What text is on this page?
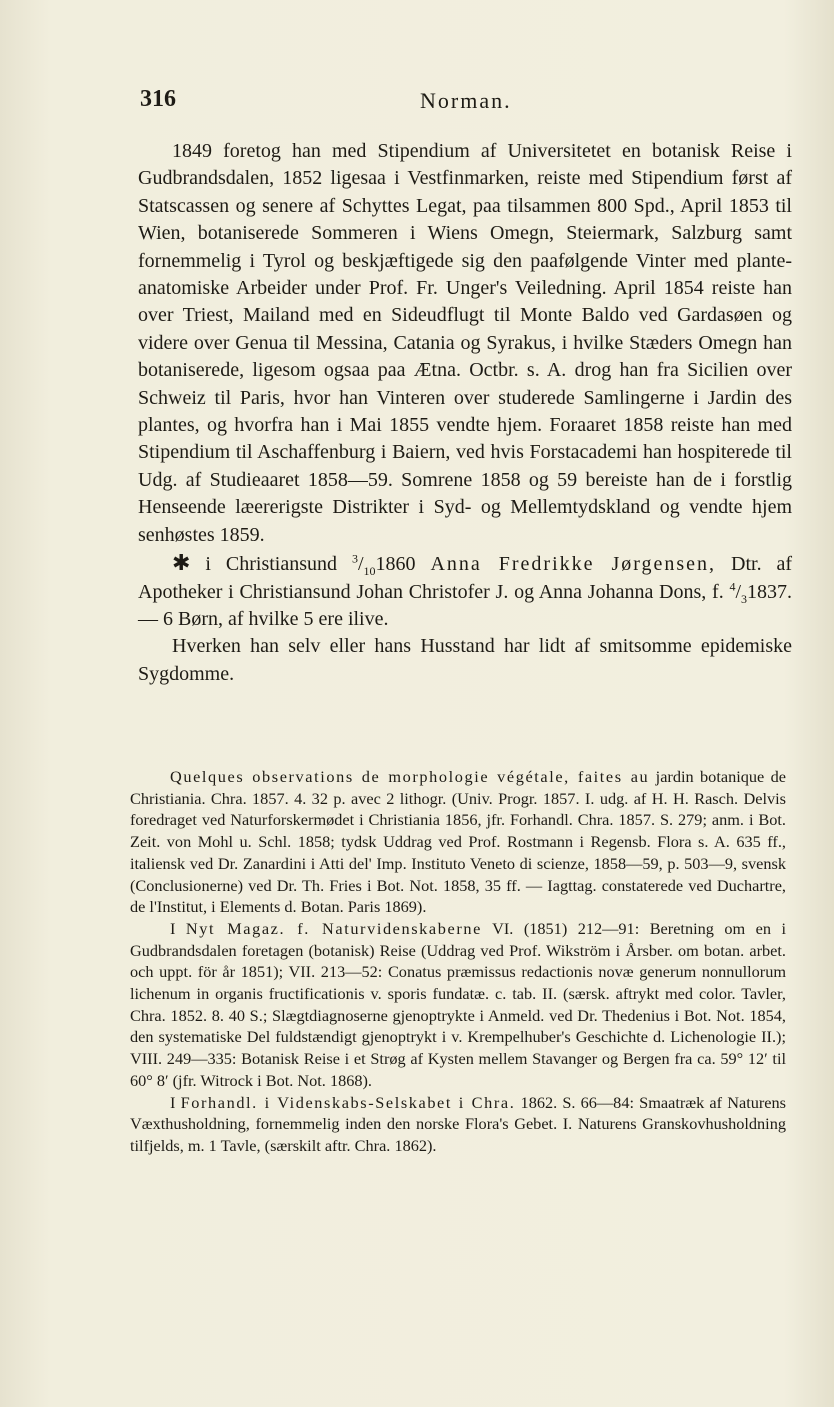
316	Norman.

1849 foretog han med Stipendium af Universitetet en botanisk Reise i Gudbrandsdalen, 1852 ligesaa i Vestfinmarken, reiste med Stipendium først af Statscassen og senere af Schyttes Legat, paa tilsammen 800 Spd., April 1853 til Wien, botaniserede Sommeren i Wiens Omegn, Steiermark, Salzburg samt fornemmelig i Tyrol og beskjæftigede sig den paafølgende Vinter med plante-anatomiske Arbeider under Prof. Fr. Unger's Veiledning. April 1854 reiste han over Triest, Mailand med en Sideudflugt til Monte Baldo ved Gardasøen og videre over Genua til Messina, Catania og Syrakus, i hvilke Stæders Omegn han botaniserede, ligesom ogsaa paa Ætna. Octbr. s. A. drog han fra Sicilien over Schweiz til Paris, hvor han Vinteren over studerede Samlingerne i Jardin des plantes, og hvorfra han i Mai 1855 vendte hjem. Foraaret 1858 reiste han med Stipendium til Aschaffenburg i Baiern, ved hvis Forstacademi han hospiterede til Udg. af Studieaaret 1858—59. Somrene 1858 og 59 bereiste han de i forstlig Henseende læererigste Distrikter i Syd- og Mellemtydskland og vendte hjem senhøstes 1859.

✱ i Christiansund $^3/_{10}1860$ Anna Fredrikke Jørgensen, Dtr. af Apotheker i Christiansund Johan Christofer J. og Anna Johanna Dons, f. $^4/_31837$. — 6 Børn, af hvilke 5 ere ilive.

Hverken han selv eller hans Husstand har lidt af smitsomme epidemiske Sygdomme.

Quelques observations de morphologie végétale, faites au jardin botanique de Christiania. Chra. 1857. 4. 32 p. avec 2 lithogr. (Univ. Progr. 1857. I. udg. af H. H. Rasch. Delvis foredraget ved Naturforskermødet i Christiania 1856, jfr. Forhandl. Chra. 1857. S. 279; anm. i Bot. Zeit. von Mohl u. Schl. 1858; tydsk Uddrag ved Prof. Rostmann i Regensb. Flora s. A. 635 ff., italiensk ved Dr. Zanardini i Atti del' Imp. Instituto Veneto di scienze, 1858—59, p. 503—9, svensk (Conclusionerne) ved Dr. Th. Fries i Bot. Not. 1858, 35 ff. — Iagttag. constaterede ved Duchartre, de l'Institut, i Elements d. Botan. Paris 1869).

I Nyt Magaz. f. Naturvidenskaberne VI. (1851) 212—91: Beretning om en i Gudbrandsdalen foretagen (botanisk) Reise (Uddrag ved Prof. Wikström i Årsber. om botan. arbet. och uppt. för år 1851); VII. 213—52: Conatus præmissus redactionis novæ generum nonnullorum lichenum in organis fructificationis v. sporis fundatæ. c. tab. II. (særsk. aftrykt med color. Tavler, Chra. 1852. 8. 40 S.; Slægtdiagnoserne gjenoptrykte i Anmeld. ved Dr. Thedenius i Bot. Not. 1854, den systematiske Del fuldstændigt gjenoptrykt i v. Krempelhuber's Geschichte d. Lichenologie II.); VIII. 249—335: Botanisk Reise i et Strøg af Kysten mellem Stavanger og Bergen fra ca. 59° 12′ til 60° 8′ (jfr. Witrock i Bot. Not. 1868).

I Forhandl. i Videnskabs-Selskabet i Chra. 1862. S. 66—84: Smaatræk af Naturens Væxthusholdning, fornemmelig inden den norske Flora's Gebet. I. Naturens Granskovhusholdning tilfjelds, m. 1 Tavle, (særskilt aftr. Chra. 1862).
